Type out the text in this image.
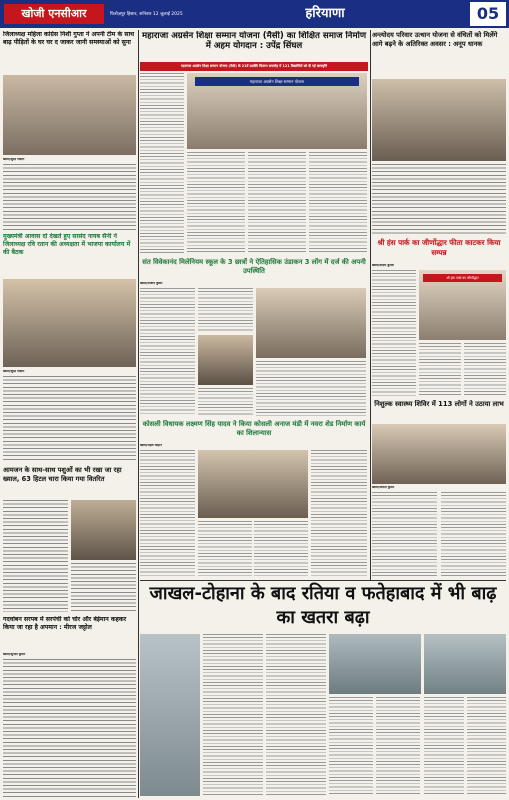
खोजी एनसीआर	फिरोज़पुर हिसार, शनिवार 12 जुलाई 2025	हरियाणा	05
जिलाध्यक्ष महिला कांग्रेस निशी गुप्ता ने अपनी टीम के साथ बाढ़ पीड़ितों के घर घर द जाकर जानी समस्याओं को सुना
खोजी/सुरेंद्र गोदारा
मुख्यमंत्री आवास दो देखते हुए सासंद नायब सैनी ने जिलाध्यक्ष रवि रतान की अध्यक्षता में भाजपा कार्यालय में की बैठक
खोजी/सुरेंद्र गोदारा
आमजन के साथ-साथ पशुओं का भी रखा जा रहा ख्याल, 63 हिटल चारा किया गया वितरित
गदवांबन सरपब में सरपंची को चोर और बेईमान कहकर किया जा रहा है अपमान : मीरज जट्टोल
खोजी/सुनील कुमार
महाराजा अग्रसेन शिक्षा सम्मान योजना (मैसी) का शिक्षित समाज निर्माण में अहम योगदान : उपेंद्र सिंघल
महाराजा अग्रसेन शिक्षा सम्मान योजना (मैसी) के 21वें प्रशस्ति वितरण समारोह में 121 विद्यार्थियों को दी गई छात्रवृत्ति
महाराजा अग्रसेन शिक्षा सम्मान योजना
संत विवेकानंद मिलेनियम स्कूल के 3 छात्रों ने ऐतिहासिक उंडाकन 3 लोंग में दर्ज की अपनी उपस्थिति
खोजी/राजीव कुमार
कोसली विधायक लक्ष्मण सिंह यादव ने किया कोसली अनाज मंडी में नवरा शेड निर्माण कार्य का शिलान्यास
खोजी/महेश चौहान
अन्त्योदय परिवार उत्थान योजना से वंचितों को मिलेंगे आगे बढ़ने के अतिरिक्त अवसर : अनूप धानक
श्री हंस पार्क का जीर्णोद्धार फीता काटकर किया सम्पन्न
खोजी/संदीप कुमार
श्री हंस पार्क का जीर्णोद्धार
निशुल्क स्वास्थ्य शिविर में 113 लोगों ने उठाया लाभ
खोजी/विनोद कुमार
जाखल-टोहाना के बाद रतिया व फतेहाबाद में भी बाढ़ का खतरा बढ़ा
